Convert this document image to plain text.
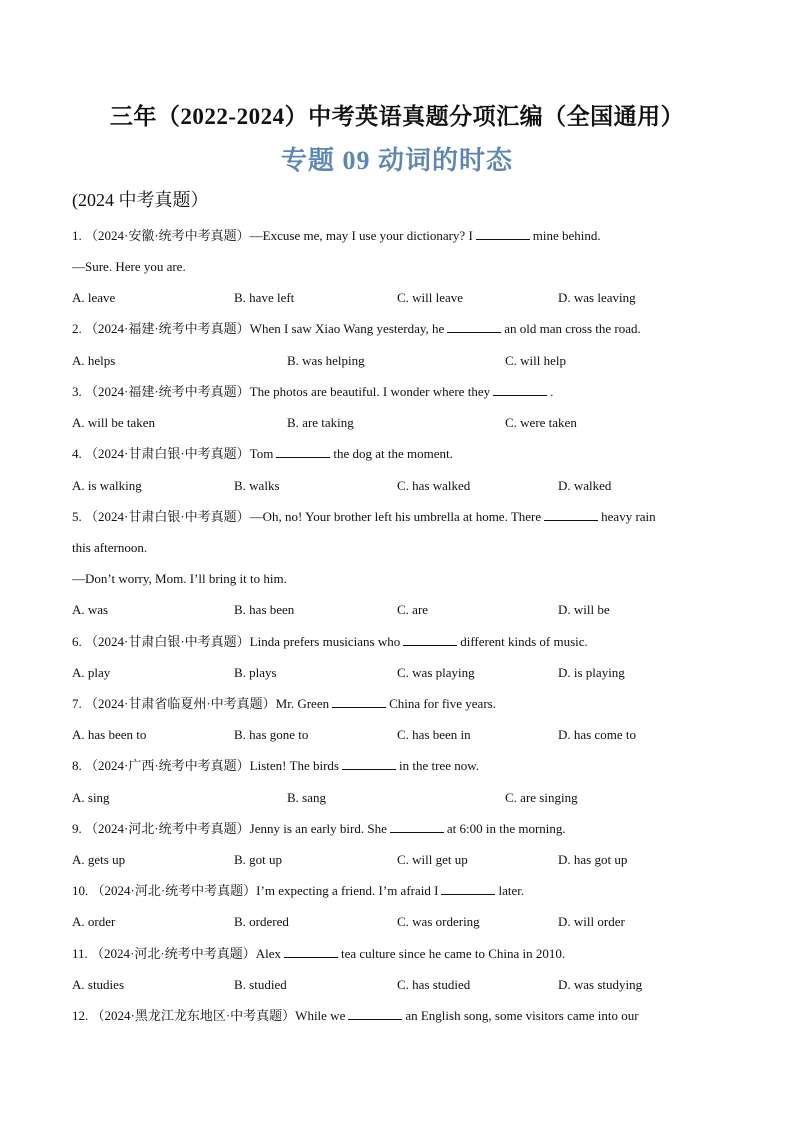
三年（2022-2024）中考英语真题分项汇编（全国通用）
专题 09 动词的时态
(2024 中考真题）
1. （2024·安徽·统考中考真题）—Excuse me, may I use your dictionary? I	mine behind.
—Sure. Here you are.
A. leave	B. have left	C. will leave	D. was leaving
2. （2024·福建·统考中考真题）When I saw Xiao Wang yesterday, he	an old man cross the road.
A. helps	B. was helping	C. will help
3. （2024·福建·统考中考真题）The photos are beautiful. I wonder where they	.
A. will be taken	B. are taking	C. were taken
4. （2024·甘肃白银·中考真题）Tom	the dog at the moment.
A. is walking	B. walks	C. has walked	D. walked
5. （2024·甘肃白银·中考真题）—Oh, no! Your brother left his umbrella at home. There	heavy rain
this afternoon.
—Don’t worry, Mom. I’ll bring it to him.
A. was	B. has been	C. are	D. will be
6. （2024·甘肃白银·中考真题）Linda prefers musicians who	different kinds of music.
A. play	B. plays	C. was playing	D. is playing
7. （2024·甘肃省临夏州·中考真题）Mr. Green	China for five years.
A. has been to	B. has gone to	C. has been in	D. has come to
8. （2024·广西·统考中考真题）Listen! The birds	in the tree now.
A. sing	B. sang	C. are singing
9. （2024·河北·统考中考真题）Jenny is an early bird. She	at 6:00 in the morning.
A. gets up	B. got up	C. will get up	D. has got up
10. （2024·河北·统考中考真题）I’m expecting a friend. I’m afraid I	later.
A. order	B. ordered	C. was ordering	D. will order
11. （2024·河北·统考中考真题）Alex	tea culture since he came to China in 2010.
A. studies	B. studied	C. has studied	D. was studying
12. （2024·黑龙江龙东地区·中考真题）While we	an English song, some visitors came into our
